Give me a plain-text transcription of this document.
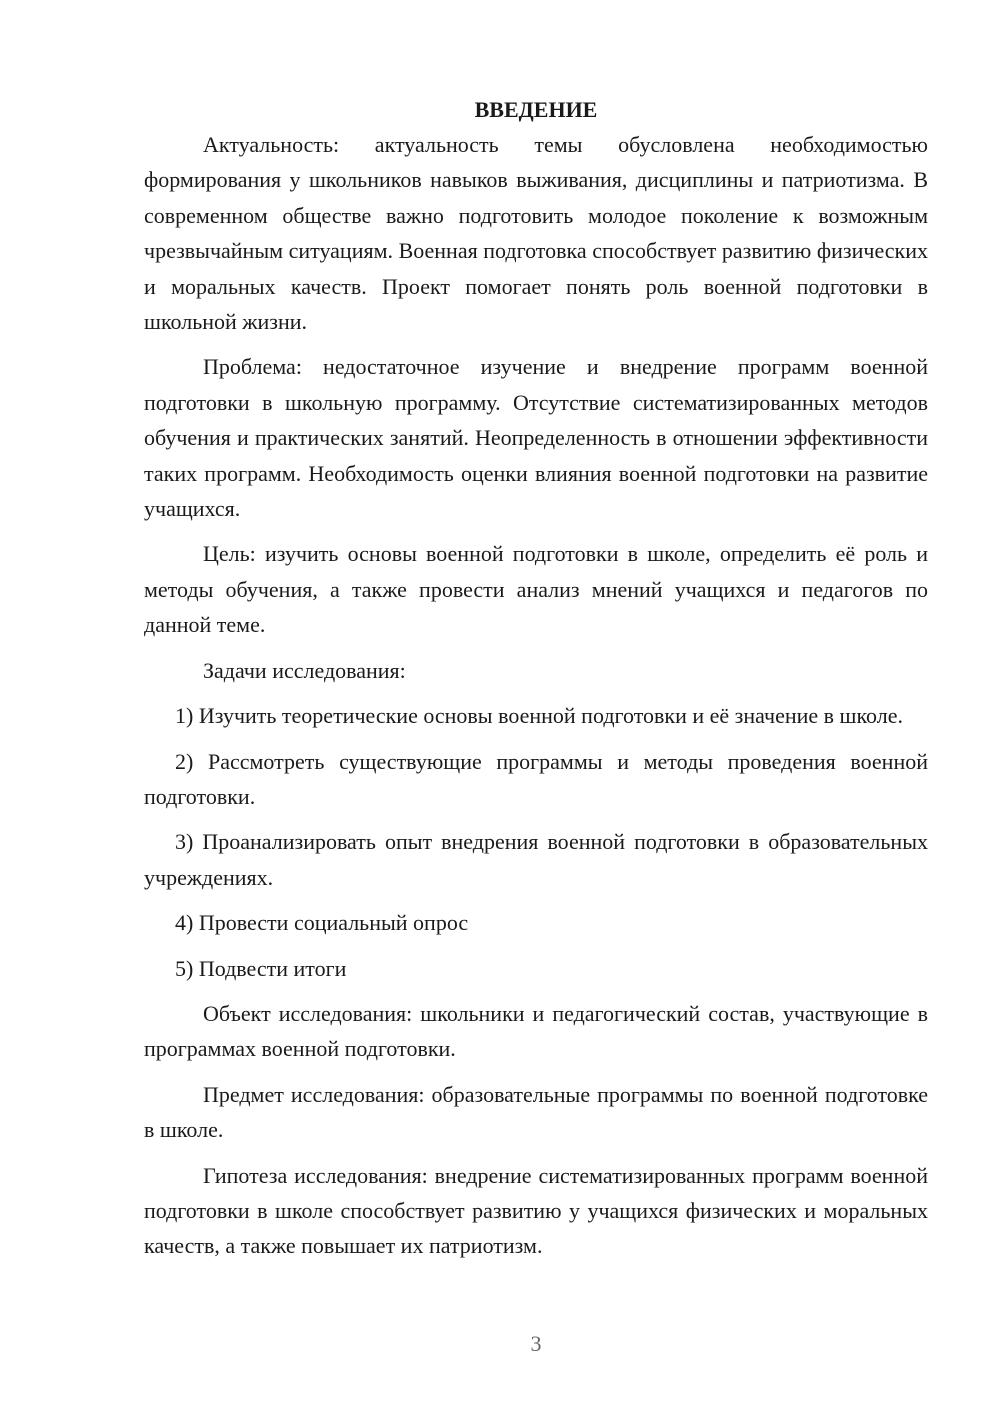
ВВЕДЕНИЕ

Актуальность: актуальность темы обусловлена необходимостью формирования у школьников навыков выживания, дисциплины и патриотизма. В современном обществе важно подготовить молодое поколение к возможным чрезвычайным ситуациям. Военная подготовка способствует развитию физических и моральных качеств. Проект помогает понять роль военной подготовки в школьной жизни.

Проблема: недостаточное изучение и внедрение программ военной подготовки в школьную программу. Отсутствие систематизированных методов обучения и практических занятий. Неопределенность в отношении эффективности таких программ. Необходимость оценки влияния военной подготовки на развитие учащихся.

Цель: изучить основы военной подготовки в школе, определить её роль и методы обучения, а также провести анализ мнений учащихся и педагогов по данной теме.

Задачи исследования:

1) Изучить теоретические основы военной подготовки и её значение в школе.

2) Рассмотреть существующие программы и методы проведения военной подготовки.

3) Проанализировать опыт внедрения военной подготовки в образовательных учреждениях.

4) Провести социальный опрос

5) Подвести итоги

Объект исследования: школьники и педагогический состав, участвующие в программах военной подготовки.

Предмет исследования: образовательные программы по военной подготовке в школе.

Гипотеза исследования: внедрение систематизированных программ военной подготовки в школе способствует развитию у учащихся физических и моральных качеств, а также повышает их патриотизм.

3
